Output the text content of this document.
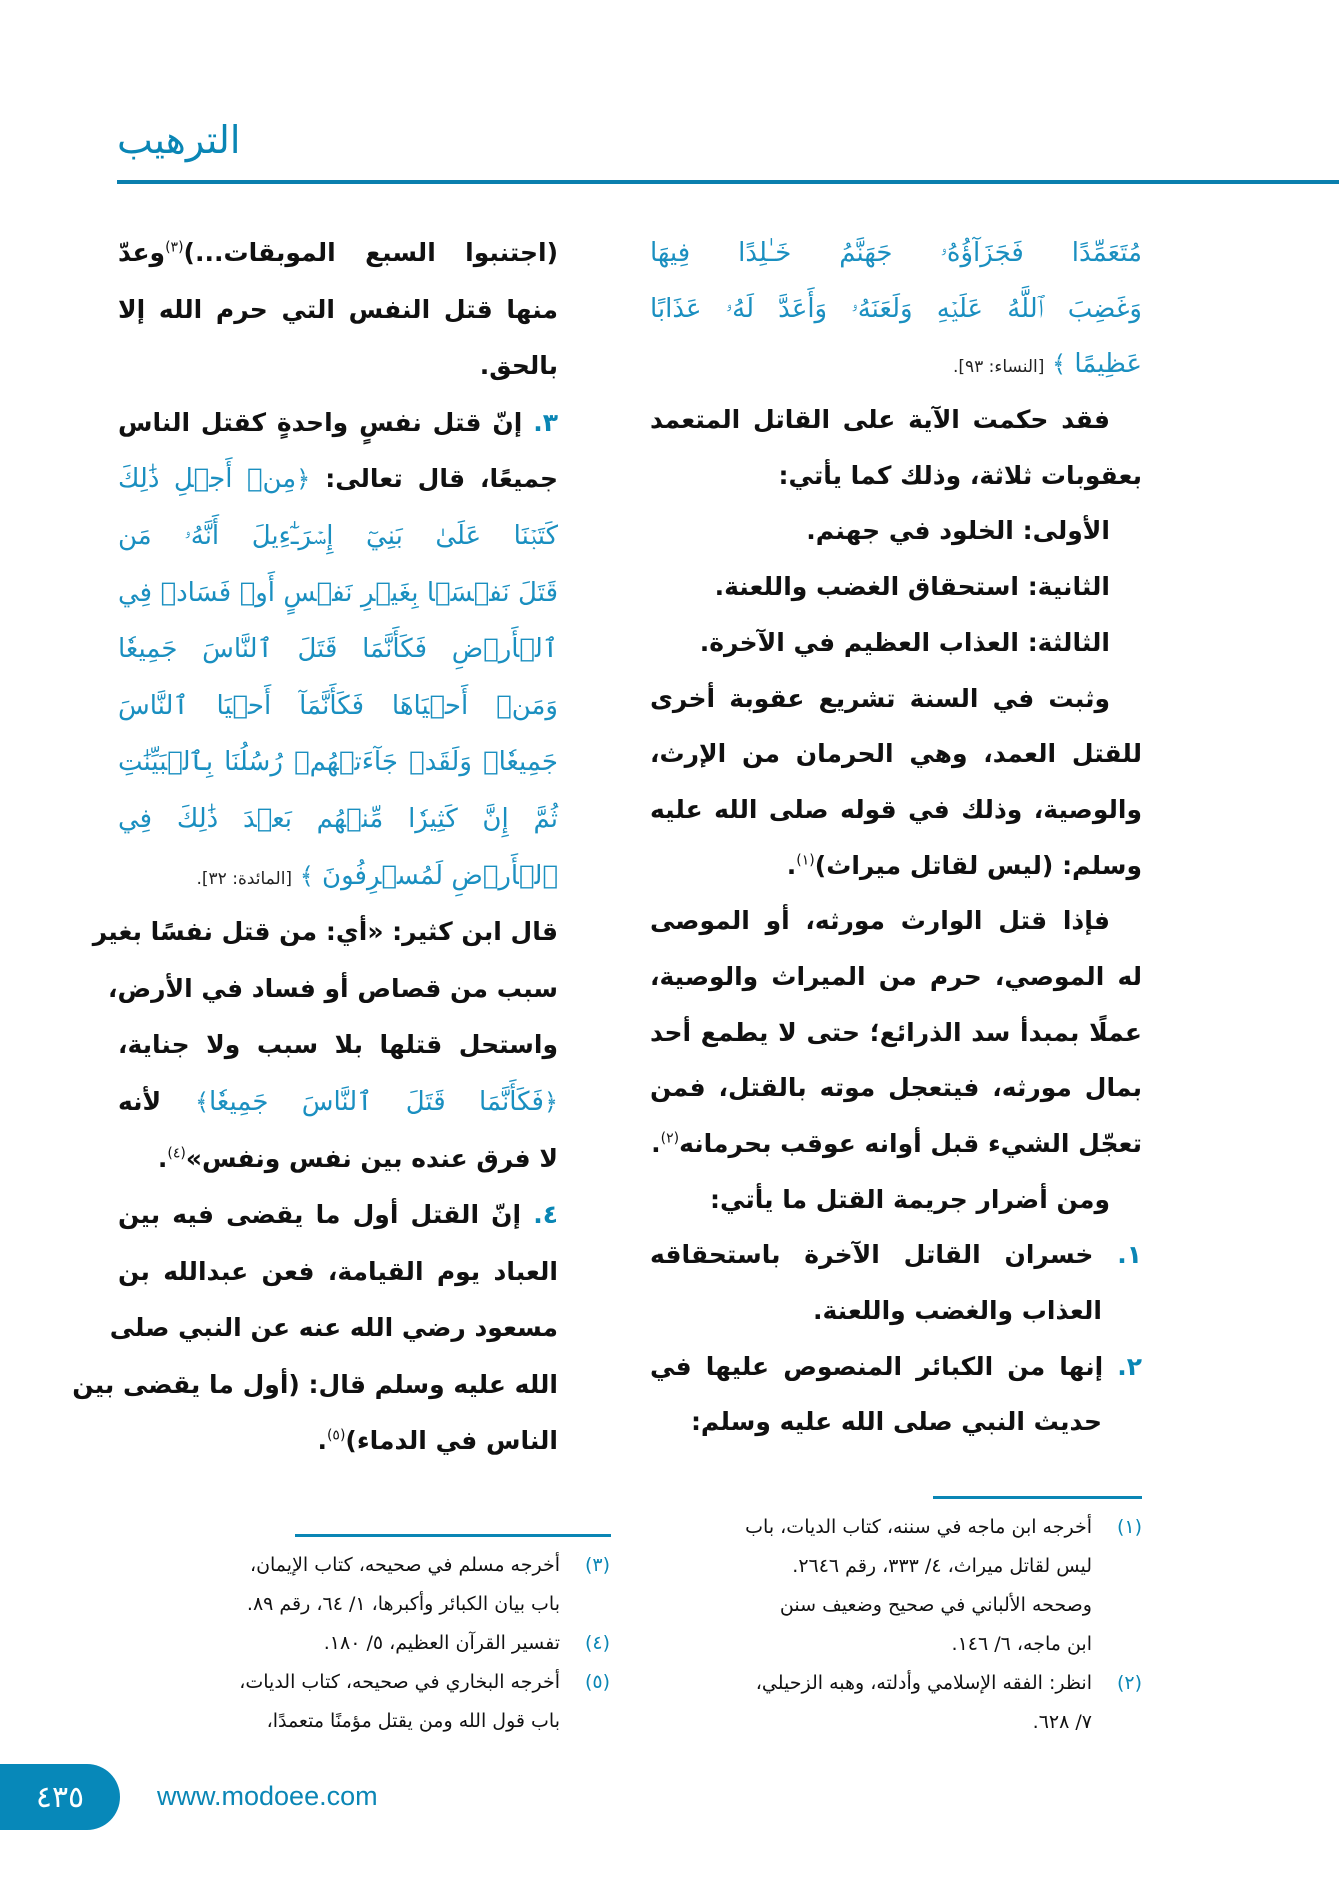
الترهيب
مُتَعَمِّدًا فَجَزَآؤُهُۥ جَهَنَّمُ خَـٰلِدًا فِيهَا
وَغَضِبَ ٱللَّهُ عَلَيۡهِ وَلَعَنَهُۥ وَأَعَدَّ لَهُۥ عَذَابًا
عَظِيمًا ﴾ [النساء: ٩٣].
فقد حكمت الآية على القاتل المتعمد
بعقوبات ثلاثة، وذلك كما يأتي:
الأولى: الخلود في جهنم.
الثانية: استحقاق الغضب واللعنة.
الثالثة: العذاب العظيم في الآخرة.
وثبت في السنة تشريع عقوبة أخرى
للقتل العمد، وهي الحرمان من الإرث،
والوصية، وذلك في قوله صلى الله عليه
وسلم: (ليس لقاتل ميراث)$^{(١)}$.
فإذا قتل الوارث مورثه، أو الموصى
له الموصي، حرم من الميراث والوصية،
عملًا بمبدأ سد الذرائع؛ حتى لا يطمع أحد
بمال مورثه، فيتعجل موته بالقتل، فمن
تعجّل الشيء قبل أوانه عوقب بحرمانه$^{(٢)}$.
ومن أضرار جريمة القتل ما يأتي:
١. خسران القاتل الآخرة باستحقاقه
العذاب والغضب واللعنة.
٢. إنها من الكبائر المنصوص عليها في
حديث النبي صلى الله عليه وسلم:
(اجتنبوا السبع الموبقات...)$^{(٣)}$وعدّ
منها قتل النفس التي حرم الله إلا
بالحق.
٣. إنّ قتل نفسٍ واحدةٍ كقتل الناس
جميعًا، قال تعالى: ﴿مِنۡ أَجۡلِ ذَٰلِكَ
كَتَبۡنَا عَلَىٰ بَنِيٓ إِسۡرَـٰٓءِيلَ أَنَّهُۥ مَن
قَتَلَ نَفۡسَۢا بِغَيۡرِ نَفۡسٍ أَوۡ فَسَادٖ فِي
ٱلۡأَرۡضِ فَكَأَنَّمَا قَتَلَ ٱلنَّاسَ جَمِيعٗا
وَمَنۡ أَحۡيَاهَا فَكَأَنَّمَآ أَحۡيَا ٱلنَّاسَ
جَمِيعٗاۚ وَلَقَدۡ جَآءَتۡهُمۡ رُسُلُنَا بِٱلۡبَيِّنَٰتِ
ثُمَّ إِنَّ كَثِيرٗا مِّنۡهُم بَعۡدَ ذَٰلِكَ فِي
ٱلۡأَرۡضِ لَمُسۡرِفُونَ ﴾ [المائدة: ٣٢].
قال ابن كثير: «أي: من قتل نفسًا بغير
سبب من قصاص أو فساد في الأرض،
واستحل قتلها بلا سبب ولا جناية،
﴿فَكَأَنَّمَا قَتَلَ ٱلنَّاسَ جَمِيعٗا﴾ لأنه
لا فرق عنده بين نفس ونفس»$^{(٤)}$.
٤. إنّ القتل أول ما يقضى فيه بين
العباد يوم القيامة، فعن عبدالله بن
مسعود رضي الله عنه عن النبي صلى
الله عليه وسلم قال: (أول ما يقضى بين
الناس في الدماء)$^{(٥)}$.
(١)
أخرجه ابن ماجه في سننه، كتاب الديات، باب
ليس لقاتل ميراث، ٤/ ٣٣٣، رقم ٢٦٤٦.
وصححه الألباني في صحيح وضعيف سنن
ابن ماجه، ٦/ ١٤٦.
(٢)
انظر: الفقه الإسلامي وأدلته، وهبه الزحيلي،
٧/ ٦٢٨.
(٣)
أخرجه مسلم في صحيحه، كتاب الإيمان،
باب بيان الكبائر وأكبرها، ١/ ٦٤، رقم ٨٩.
(٤)
تفسير القرآن العظيم، ٥/ ١٨٠.
(٥)
أخرجه البخاري في صحيحه، كتاب الديات،
باب قول الله ومن يقتل مؤمنًا متعمدًا،
٤٣٥	www.modoee.com
